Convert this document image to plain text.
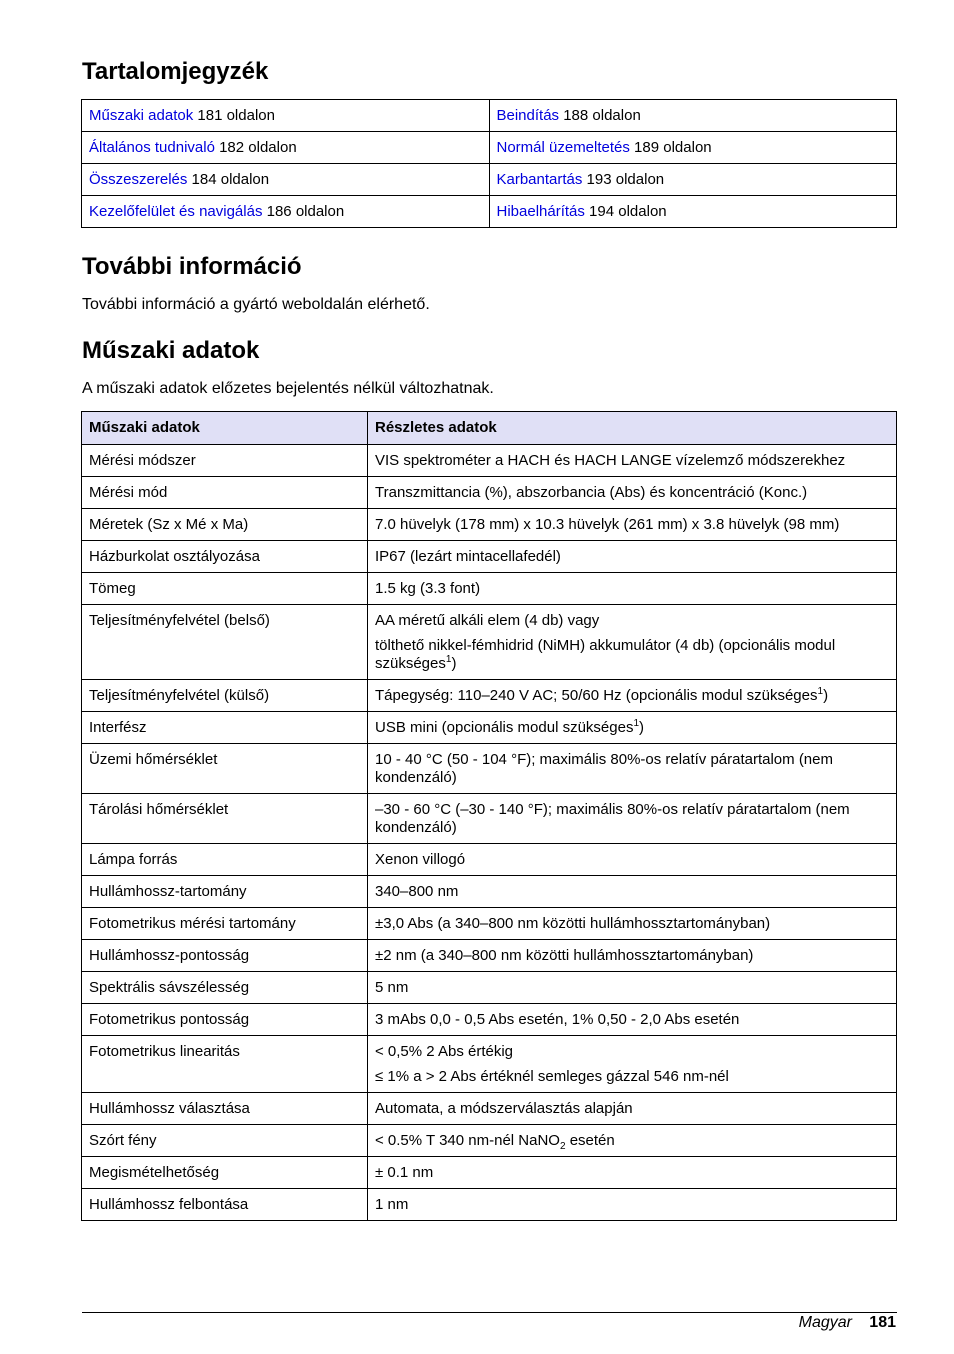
Tartalomjegyzék
Műszaki adatok 181 oldalon	Beindítás 188 oldalon
Általános tudnivaló 182 oldalon	Normál üzemeltetés 189 oldalon
Összeszerelés 184 oldalon	Karbantartás 193 oldalon
Kezelőfelület és navigálás 186 oldalon	Hibaelhárítás 194 oldalon
További információ

További információ a gyártó weboldalán elérhető.

Műszaki adatok

A műszaki adatok előzetes bejelentés nélkül változhatnak.

Műszaki adatok	Részletes adatok
Mérési módszer	VIS spektrométer a HACH és HACH LANGE vízelemző módszerekhez

Mérési mód	Transzmittancia (%), abszorbancia (Abs) és koncentráció (Konc.)

Méretek (Sz x Mé x Ma)	7.0 hüvelyk (178 mm) x 10.3 hüvelyk (261 mm) x 3.8 hüvelyk (98 mm)

Házburkolat osztályozása	IP67 (lezárt mintacellafedél)

Tömeg	1.5 kg (3.3 font)

Teljesítményfelvétel (belső)	AA méretű alkáli elem (4 db) vagy
tölthető nikkel-fémhidrid (NiMH) akkumulátor (4 db) (opcionális modul szükséges$^1$)

Teljesítményfelvétel (külső)	Tápegység: 110–240 V AC; 50/60 Hz (opcionális modul szükséges$^1$)

Interfész	USB mini (opcionális modul szükséges$^1$)

Üzemi hőmérséklet	10 - 40 °C (50 - 104 °F); maximális 80%-os relatív páratartalom (nem kondenzáló)

Tárolási hőmérséklet	–30 - 60 °C (–30 - 140 °F); maximális 80%-os relatív páratartalom (nem kondenzáló)

Lámpa forrás	Xenon villogó

Hullámhossz-tartomány	340–800 nm

Fotometrikus mérési tartomány	±3,0 Abs (a 340–800 nm közötti hullámhossztartományban)

Hullámhossz-pontosság	±2 nm (a 340–800 nm közötti hullámhossztartományban)

Spektrális sávszélesség	5 nm

Fotometrikus pontosság	3 mAbs 0,0 - 0,5 Abs esetén, 1% 0,50 - 2,0 Abs esetén

Fotometrikus linearitás	< 0,5% 2 Abs értékig
≤ 1% a > 2 Abs értéknél semleges gázzal 546 nm-nél

Hullámhossz választása	Automata, a módszerválasztás alapján

Szórt fény	< 0.5% T 340 nm-nél NaNO$_2$ esetén

Megismételhetőség	± 0.1 nm

Hullámhossz felbontása	1 nm
Magyar 181
